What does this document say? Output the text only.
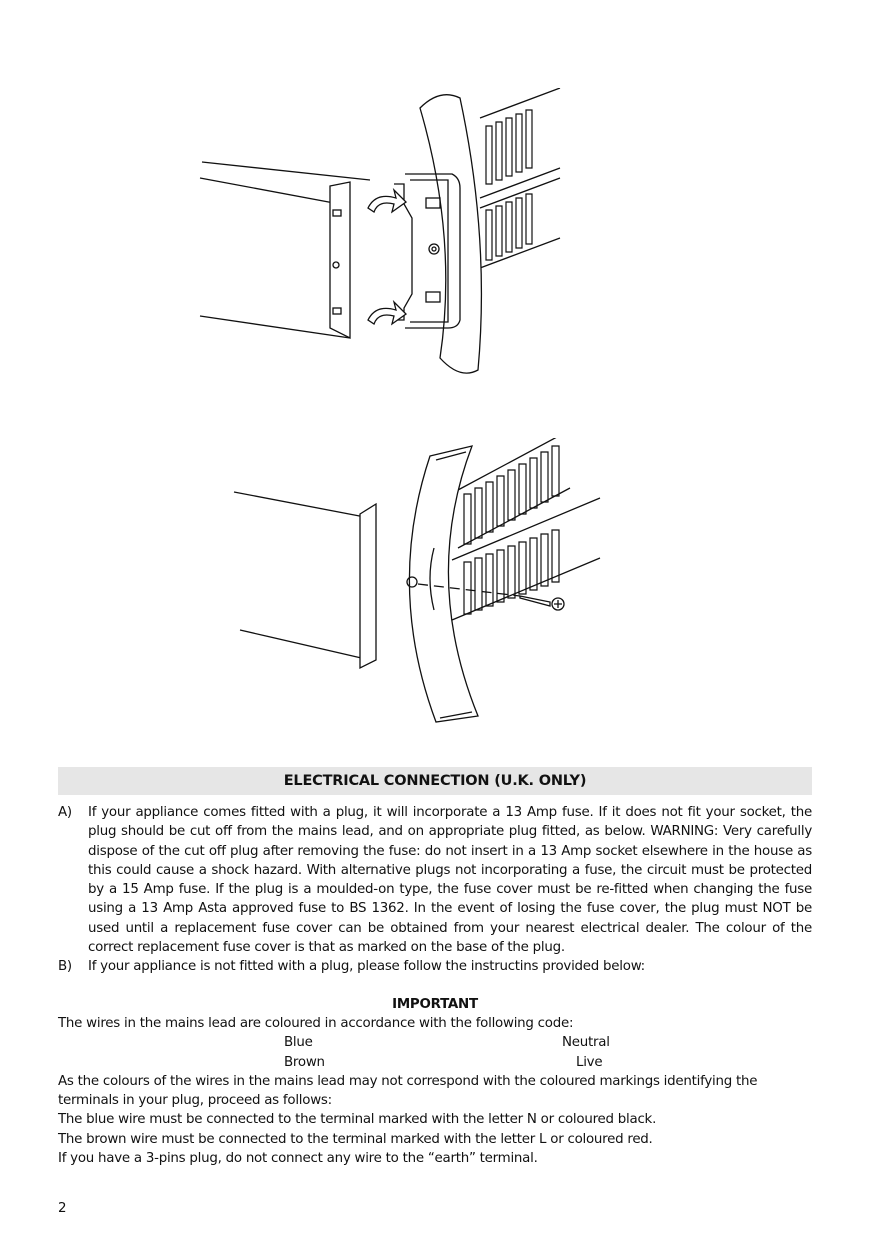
ELECTRICAL CONNECTION (U.K. ONLY)
A)	If your appliance comes fitted with a plug, it will incorporate a 13 Amp fuse. If it does not fit your socket, the plug should be cut off from the mains lead, and on appropriate plug fitted, as below. WARNING: Very carefully dispose of the cut off plug after removing the fuse: do not insert in a 13 Amp socket elsewhere in the house as this could cause a shock hazard. With alternative plugs not incorporating a fuse, the circuit must be protected by a 15 Amp fuse. If the plug is a moulded-on type, the fuse cover must be re-fitted when changing the fuse using a 13 Amp Asta approved fuse to BS 1362. In the event of losing the fuse cover, the plug must NOT be used until a replacement fuse cover can be obtained from your nearest electrical dealer. The colour of the correct replacement fuse cover is that as marked on the base of the plug.
B)	If your appliance is not fitted with a plug, please follow the instructins provided below:
IMPORTANT
The wires in the mains lead are coloured in accordance with the following code:
Blue	Neutral
Brown	Live
As the colours of the wires in the mains lead may not correspond with the coloured markings identifying the terminals in your plug, proceed as follows:
The blue wire must be connected to the terminal marked with the letter N or coloured black.
The brown wire must be connected to the terminal marked with the letter L or coloured red.
If you have a 3-pins plug, do not connect any wire to the “earth” terminal.
2
